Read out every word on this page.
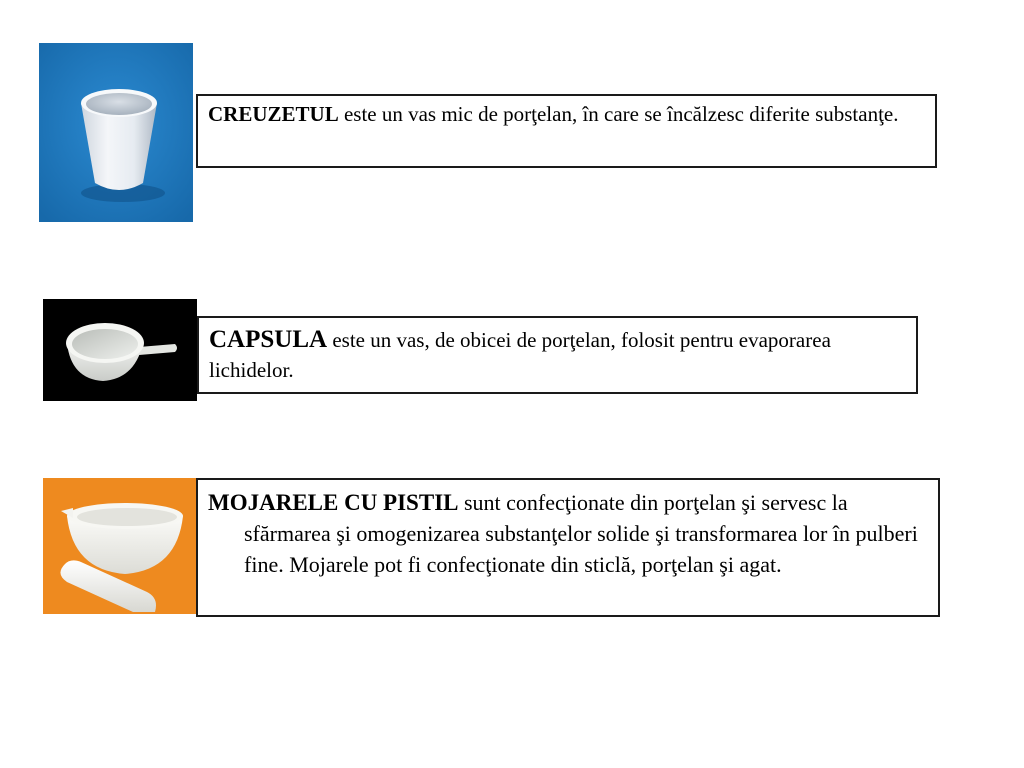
CREUZETUL este un vas mic de porţelan, în care se încălzesc diferite substanţe.
CAPSULA este un vas, de obicei de porţelan, folosit pentru evaporarea lichidelor.
MOJARELE CU PISTIL sunt confecţionate din porţelan şi servesc la sfărmarea şi omogenizarea substanţelor solide şi transformarea lor în pulberi fine. Mojarele pot fi confecţionate din sticlă, porţelan şi agat.
